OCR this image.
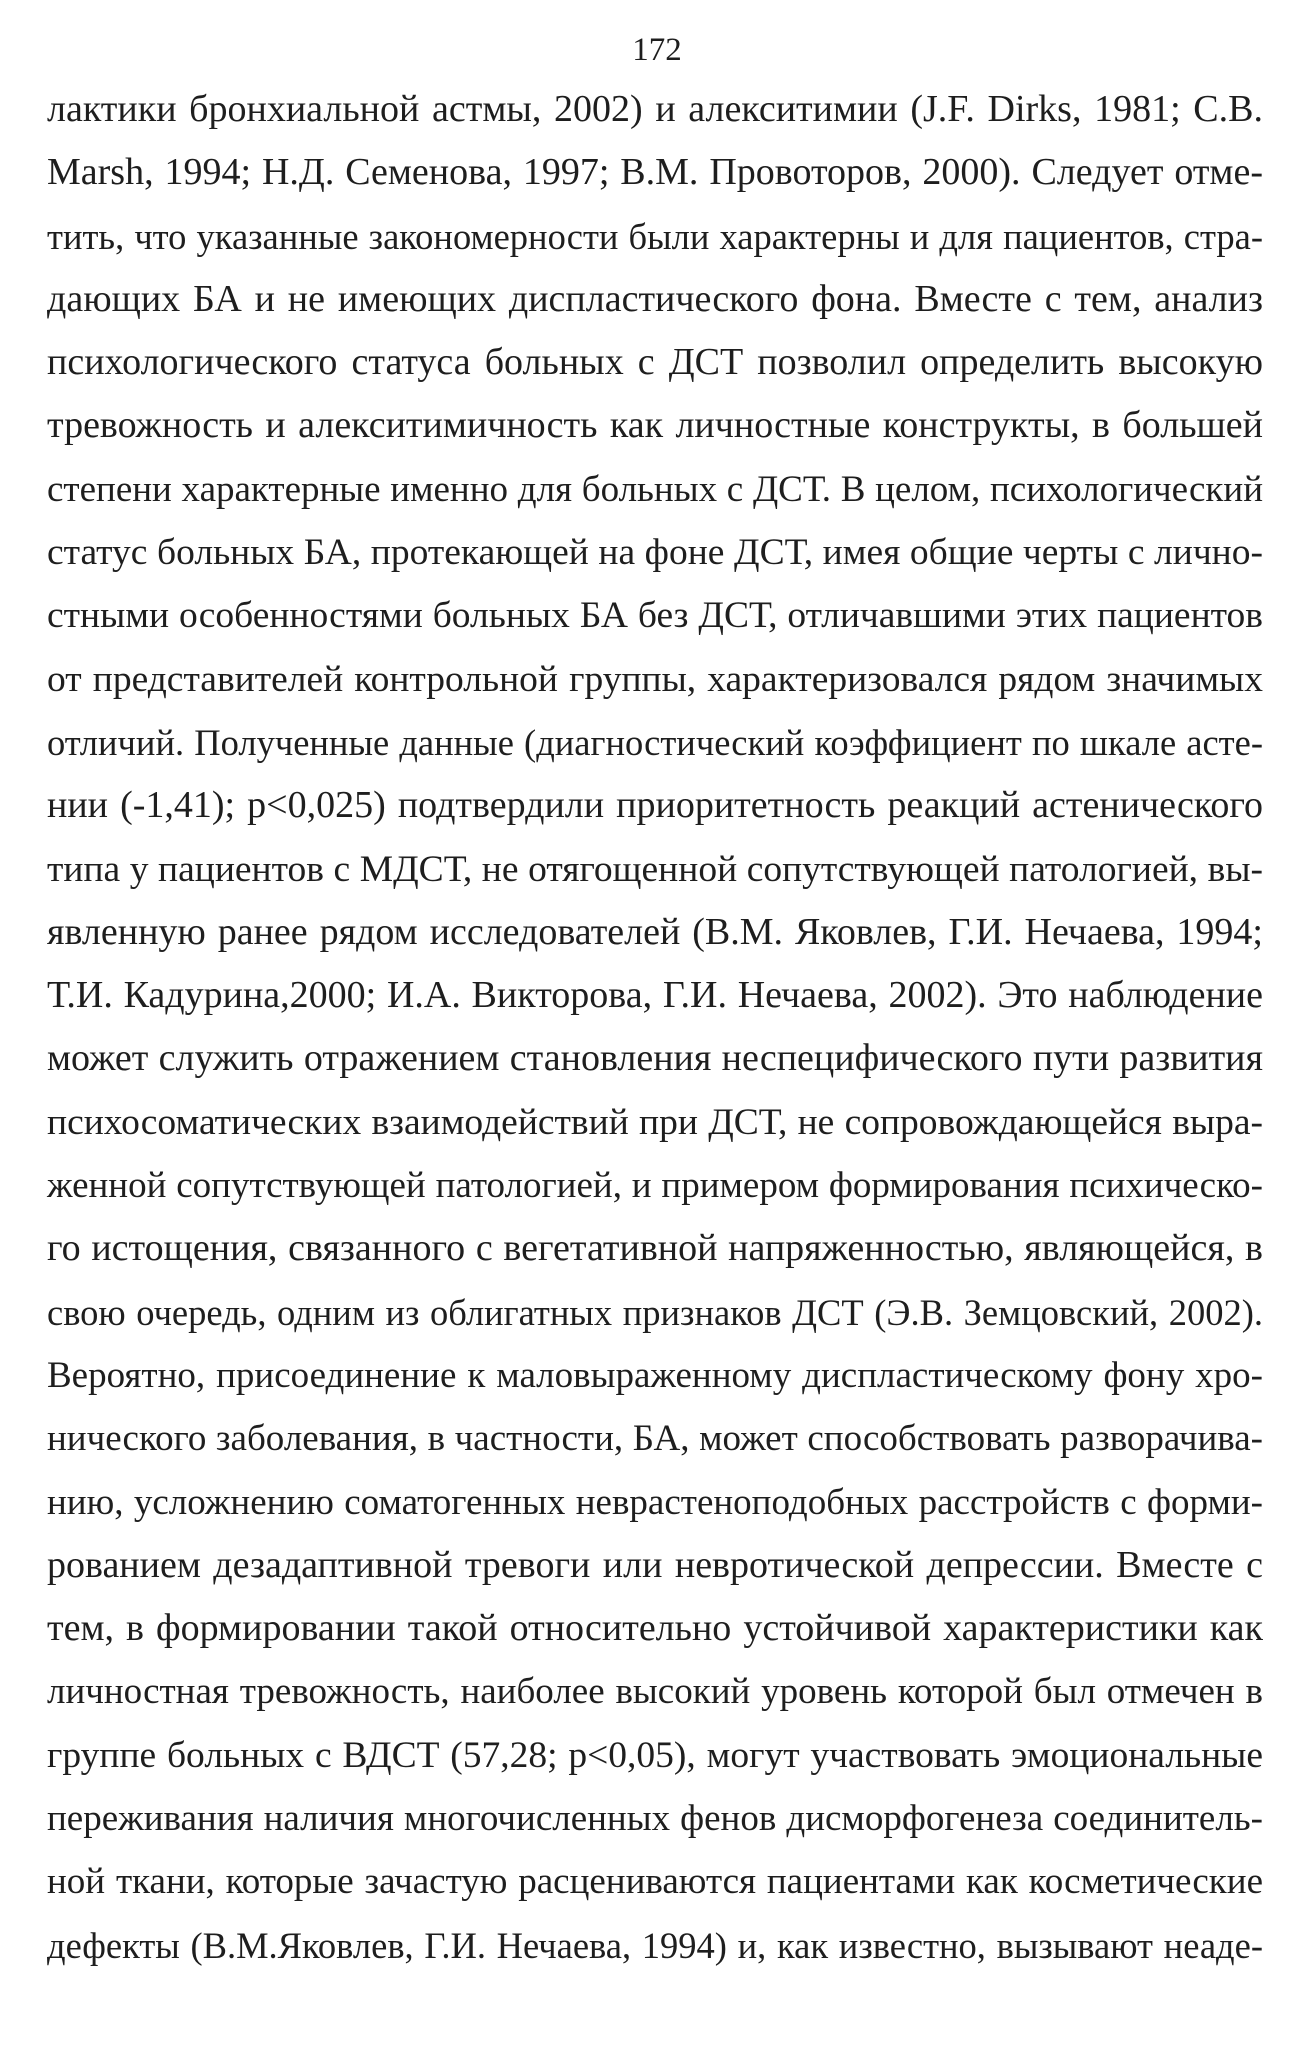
172
лактики бронхиальной астмы, 2002) и алекситимии (J.F. Dirks, 1981; C.B.
Marsh, 1994; Н.Д. Семенова, 1997; В.М. Провоторов, 2000). Следует отме-
тить, что указанные закономерности были характерны и для пациентов, стра-
дающих БА и не имеющих диспластического фона. Вместе с тем, анализ
психологического статуса больных с ДСТ позволил определить высокую
тревожность и алекситимичность как личностные конструкты, в большей
степени характерные именно для больных с ДСТ. В целом, психологический
статус больных БА, протекающей на фоне ДСТ, имея общие черты с лично-
стными особенностями больных БА без ДСТ, отличавшими этих пациентов
от представителей контрольной группы, характеризовался рядом значимых
отличий. Полученные данные (диагностический коэффициент по шкале асте-
нии (-1,41); р<0,025) подтвердили приоритетность реакций астенического
типа у пациентов с МДСТ, не отягощенной сопутствующей патологией, вы-
явленную ранее рядом исследователей (В.М. Яковлев, Г.И. Нечаева, 1994;
Т.И. Кадурина,2000; И.А. Викторова, Г.И. Нечаева, 2002). Это наблюдение
может служить отражением становления неспецифического пути развития
психосоматических взаимодействий при ДСТ, не сопровождающейся выра-
женной сопутствующей патологией, и примером формирования психическо-
го истощения, связанного с вегетативной напряженностью, являющейся, в
свою очередь, одним из облигатных признаков ДСТ (Э.В. Земцовский, 2002).
Вероятно, присоединение к маловыраженному диспластическому фону хро-
нического заболевания, в частности, БА, может способствовать разворачива-
нию, усложнению соматогенных неврастеноподобных расстройств с форми-
рованием дезадаптивной тревоги или невротической депрессии. Вместе с
тем, в формировании такой относительно устойчивой характеристики как
личностная тревожность, наиболее высокий уровень которой был отмечен в
группе больных с ВДСТ (57,28; р<0,05), могут участвовать эмоциональные
переживания наличия многочисленных фенов дисморфогенеза соединитель-
ной ткани, которые зачастую расцениваются пациентами как косметические
дефекты (В.М.Яковлев, Г.И. Нечаева, 1994) и, как известно, вызывают неаде-
